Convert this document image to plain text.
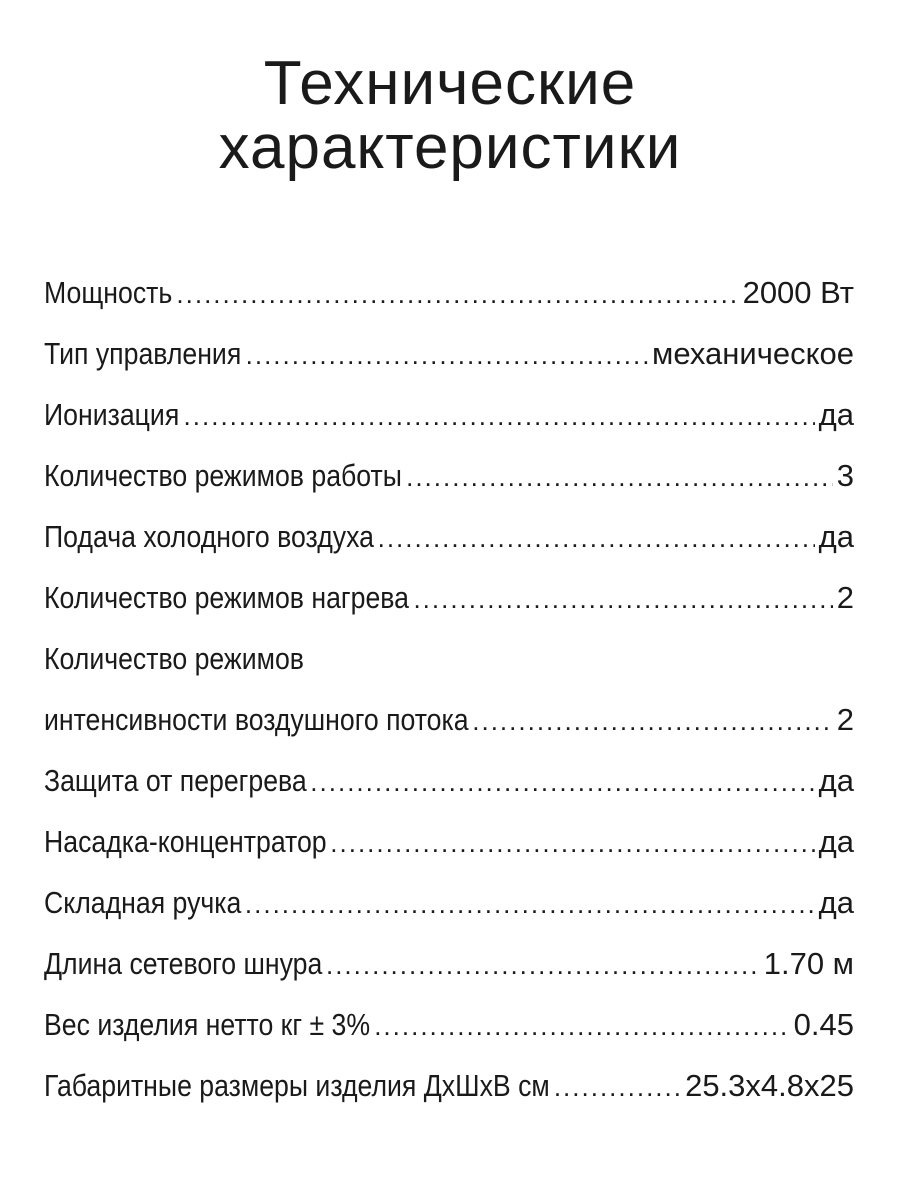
Технические
характеристики
Мощность .....	2000 Вт
Тип управления .....	механическое
Ионизация .....	да
Количество режимов работы .....	3
Подача холодного воздуха .....	да
Количество режимов нагрева .....	2
Количество режимов
интенсивности воздушного потока .....	2
Защита от перегрева .....	да
Насадка-концентратор .....	да
Складная ручка .....	да
Длина сетевого шнура .....	1.70 м
Вес изделия нетто кг ± 3% .....	0.45
Габаритные размеры изделия ДхШхВ см .....	25.3x4.8x25
